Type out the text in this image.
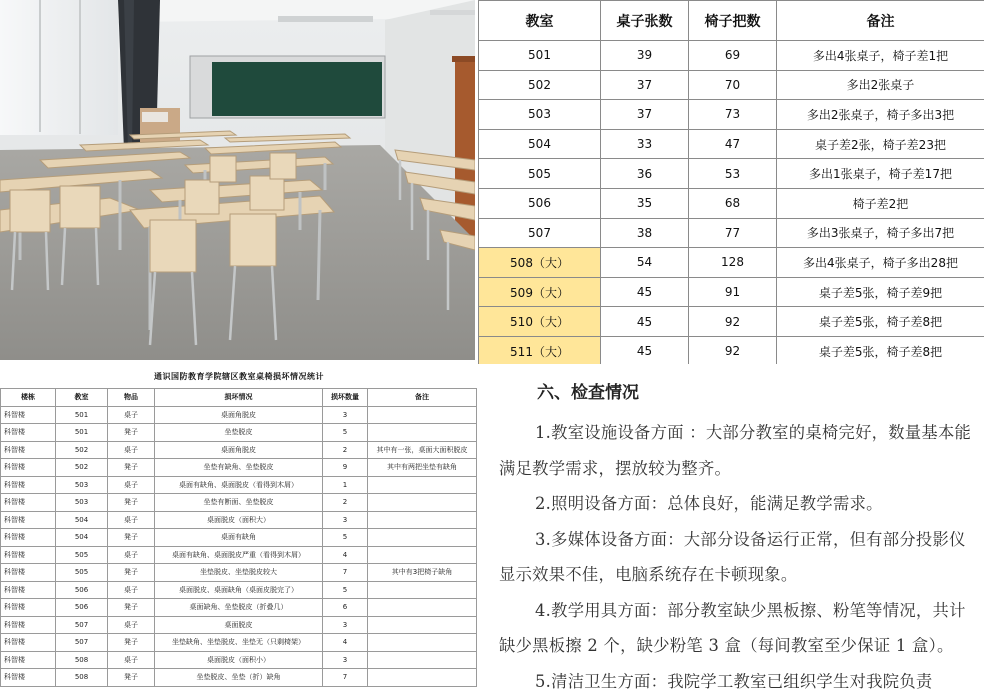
教室	桌子张数	椅子把数	备注
501	39	69	多出4张桌子，椅子差1把
502	37	70	多出2张桌子
503	37	73	多出2张桌子，椅子多出3把
504	33	47	桌子差2张，椅子差23把
505	36	53	多出1张桌子，椅子差17把
506	35	68	椅子差2把
507	38	77	多出3张桌子，椅子多出7把
508（大）	54	128	多出4张桌子，椅子多出28把
509（大）	45	91	桌子差5张，椅子差9把
510（大）	45	92	桌子差5张，椅子差8把
511（大）	45	92	桌子差5张，椅子差8把
通识国防教育学院辖区教室桌椅损坏情况统计
楼栋	教室	物品	损坏情况	损坏数量	备注
科智楼	501	桌子	桌面角脱皮	3	
科智楼	501	凳子	坐垫脱皮	5	
科智楼	502	桌子	桌面角脱皮	2	其中有一张，桌面大面积脱皮
科智楼	502	凳子	坐垫有缺角、坐垫脱皮	9	其中有两把坐垫有缺角
科智楼	503	桌子	桌面有缺角、桌面脱皮（看得到木屑）	1	
科智楼	503	凳子	坐垫有断面、坐垫脱皮	2	
科智楼	504	桌子	桌面脱皮（面积大）	3	
科智楼	504	凳子	桌面有缺角	5	
科智楼	505	桌子	桌面有缺角、桌面脱皮严重（看得到木屑）	4	
科智楼	505	凳子	坐垫脱皮、坐垫脱皮较大	7	其中有3把椅子缺角
科智楼	506	桌子	桌面脱皮、桌面缺角（桌面皮脱完了）	5	
科智楼	506	凳子	桌面缺角、坐垫脱皮（折叠几）	6	
科智楼	507	桌子	桌面脱皮	3	
科智楼	507	凳子	坐垫缺角、坐垫脱皮、坐垫无（只剩椅架）	4	
科智楼	508	桌子	桌面脱皮（面积小）	3	
科智楼	508	凳子	坐垫脱皮、坐垫（折）缺角	7	
六、检查情况

1.教室设施设备方面 ：大部分教室的桌椅完好，数量基本能满足教学需求，摆放较为整齐。

2.照明设备方面：总体良好，能满足教学需求。

3.多媒体设备方面：大部分设备运行正常，但有部分投影仪显示效果不佳，电脑系统存在卡顿现象。

4.教学用具方面：部分教室缺少黑板擦、粉笔等情况，共计缺少黑板擦 2 个，缺少粉笔 3 盒（每间教室至少保证 1 盒）。

5.清洁卫生方面：我院学工教室已组织学生对我院负责
